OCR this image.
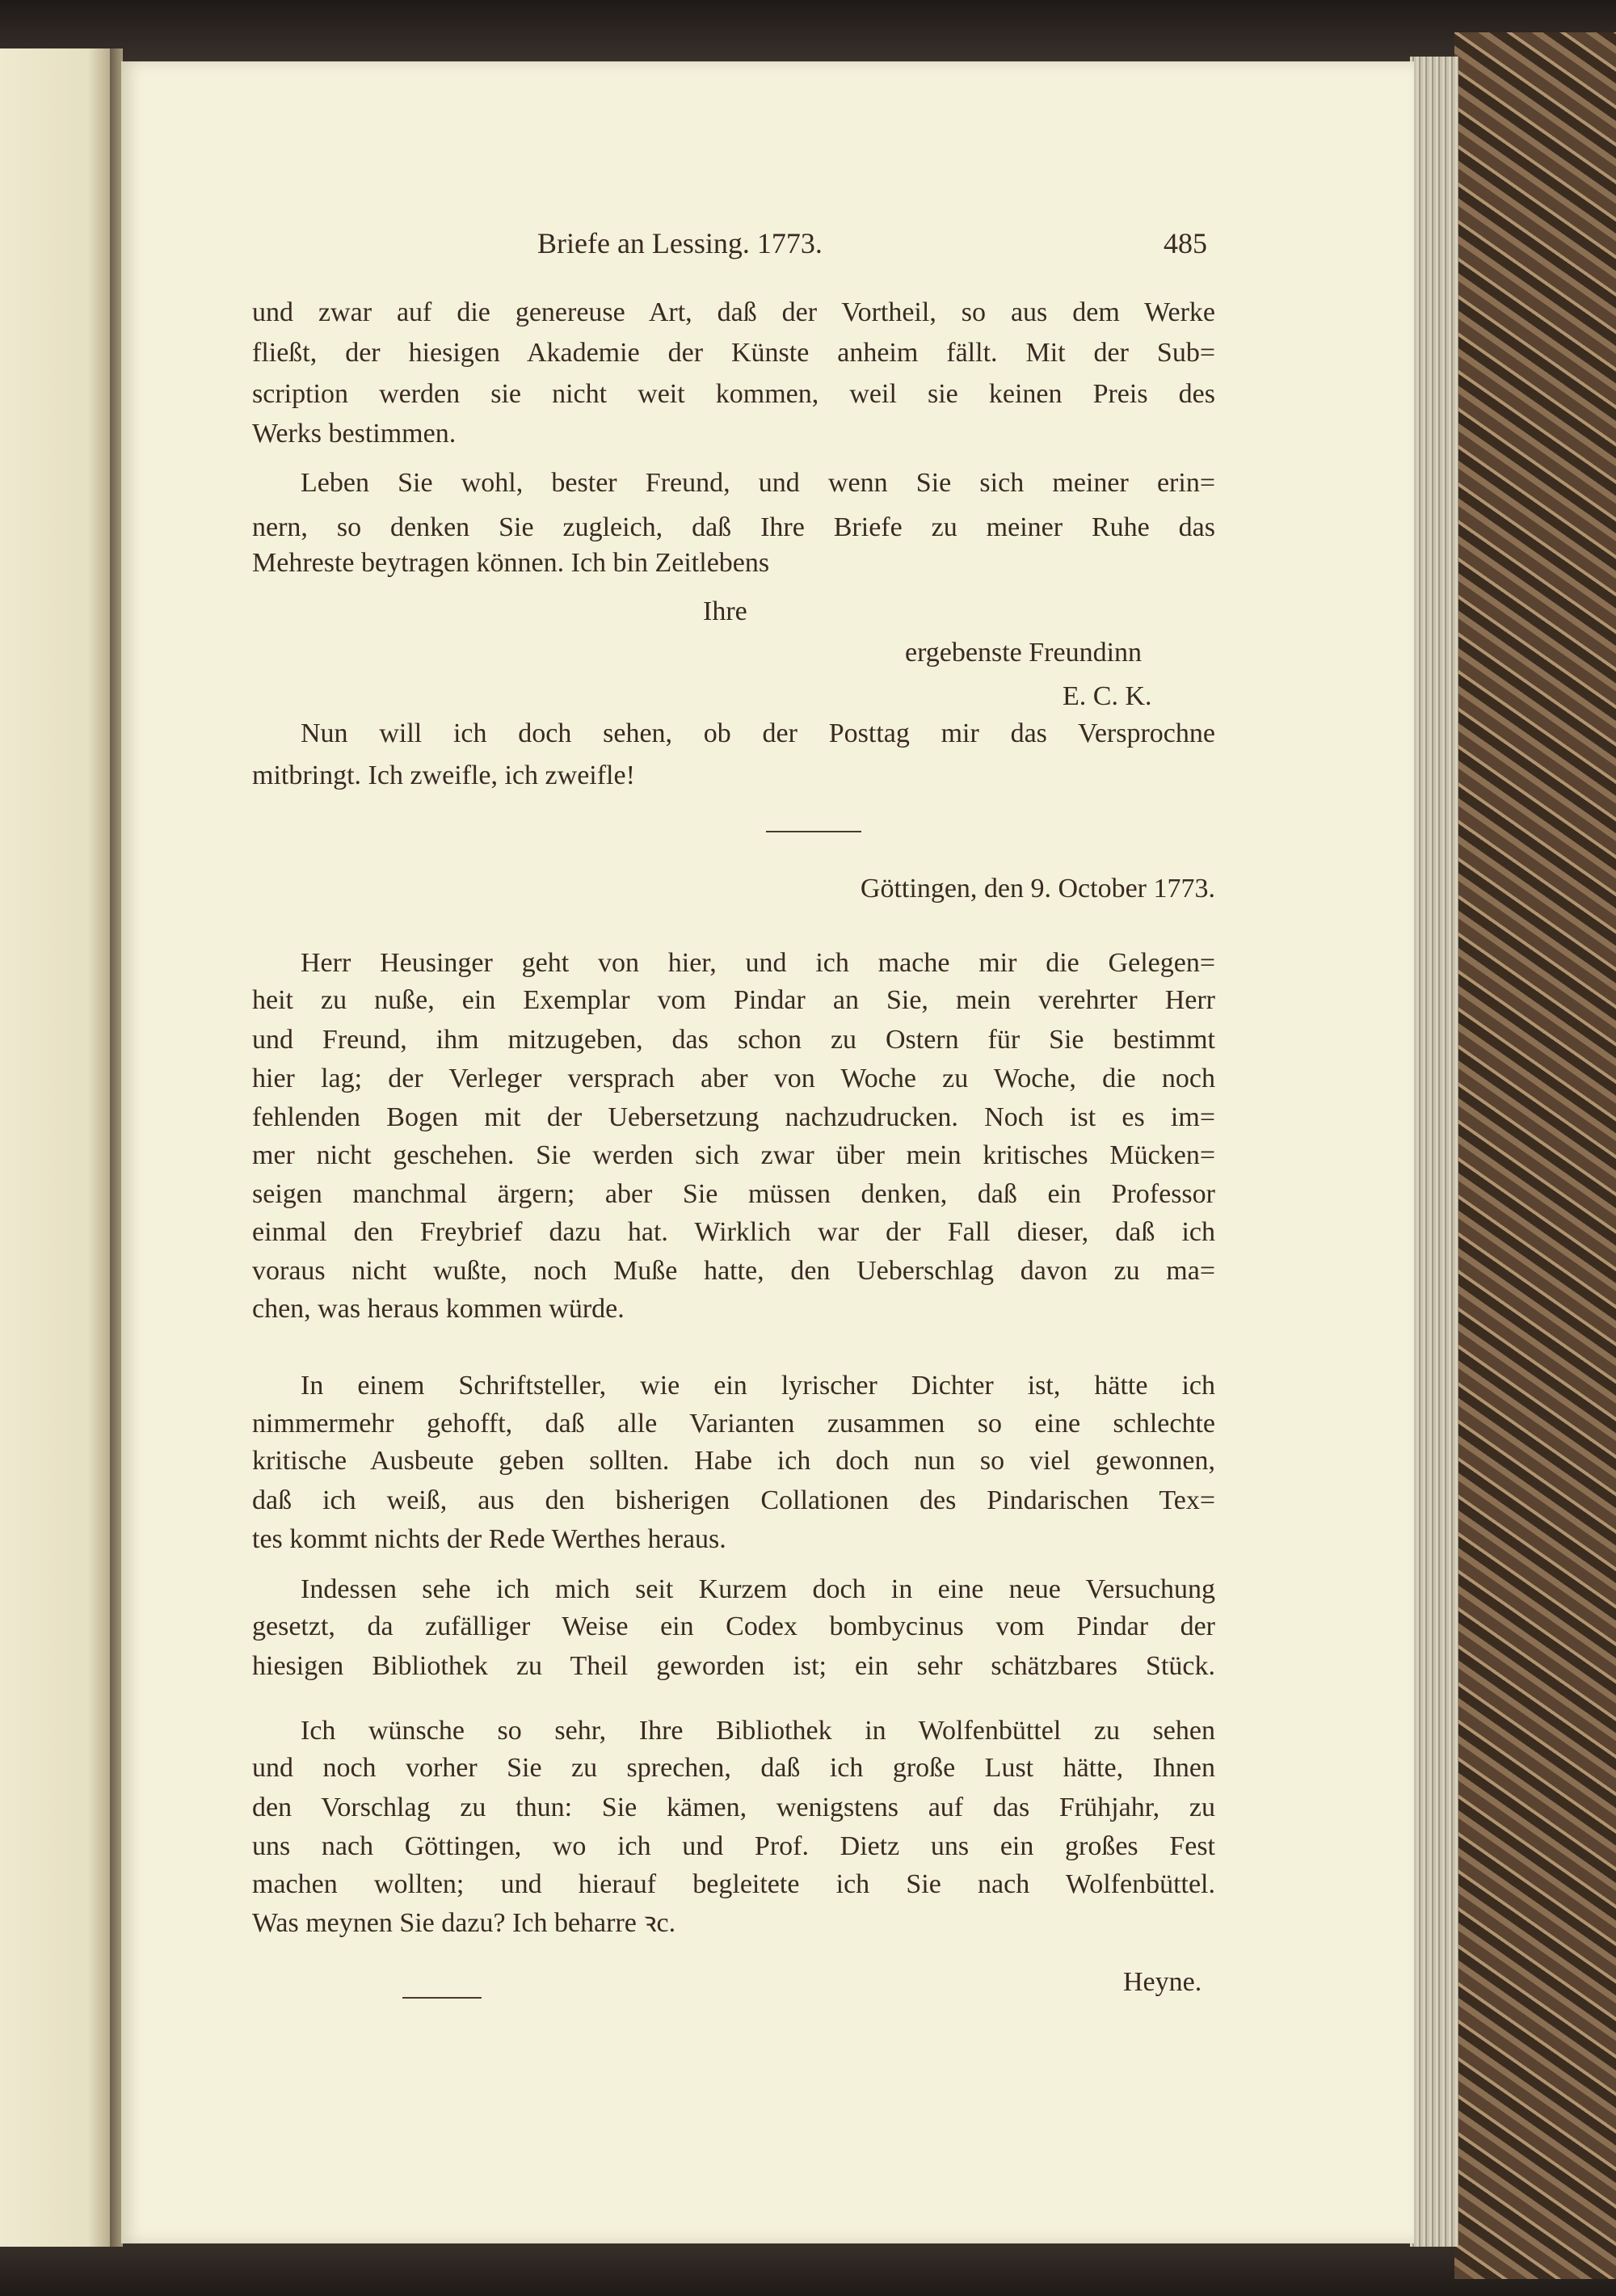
Briefe an Lessing. 1773.	485
und zwar auf die genereuse Art, daß der Vortheil, so aus dem Werke
fließt, der hiesigen Akademie der Künste anheim fällt. Mit der Sub=
scription werden sie nicht weit kommen, weil sie keinen Preis des
Werks bestimmen.
Leben Sie wohl, bester Freund, und wenn Sie sich meiner erin=
nern, so denken Sie zugleich, daß Ihre Briefe zu meiner Ruhe das
Mehreste beytragen können. Ich bin Zeitlebens
Ihre
ergebenste Freundinn
E. C. K.
Nun will ich doch sehen, ob der Posttag mir das Versprochne
mitbringt. Ich zweifle, ich zweifle!
Göttingen, den 9. October 1773.
Herr Heusinger geht von hier, und ich mache mir die Gelegen=
heit zu nuße, ein Exemplar vom Pindar an Sie, mein verehrter Herr
und Freund, ihm mitzugeben, das schon zu Ostern für Sie bestimmt
hier lag; der Verleger versprach aber von Woche zu Woche, die noch
fehlenden Bogen mit der Uebersetzung nachzudrucken. Noch ist es im=
mer nicht geschehen. Sie werden sich zwar über mein kritisches Mücken=
seigen manchmal ärgern; aber Sie müssen denken, daß ein Professor
einmal den Freybrief dazu hat. Wirklich war der Fall dieser, daß ich
voraus nicht wußte, noch Muße hatte, den Ueberschlag davon zu ma=
chen, was heraus kommen würde.
In einem Schriftsteller, wie ein lyrischer Dichter ist, hätte ich
nimmermehr gehofft, daß alle Varianten zusammen so eine schlechte
kritische Ausbeute geben sollten. Habe ich doch nun so viel gewonnen,
daß ich weiß, aus den bisherigen Collationen des Pindarischen Tex=
tes kommt nichts der Rede Werthes heraus.
Indessen sehe ich mich seit Kurzem doch in eine neue Versuchung
gesetzt, da zufälliger Weise ein Codex bombycinus vom Pindar der
hiesigen Bibliothek zu Theil geworden ist; ein sehr schätzbares Stück.
Ich wünsche so sehr, Ihre Bibliothek in Wolfenbüttel zu sehen
und noch vorher Sie zu sprechen, daß ich große Lust hätte, Ihnen
den Vorschlag zu thun: Sie kämen, wenigstens auf das Frühjahr, zu
uns nach Göttingen, wo ich und Prof. Dietz uns ein großes Fest
machen wollten; und hierauf begleitete ich Sie nach Wolfenbüttel.
Was meynen Sie dazu? Ich beharre ꝛc.
Heyne.
